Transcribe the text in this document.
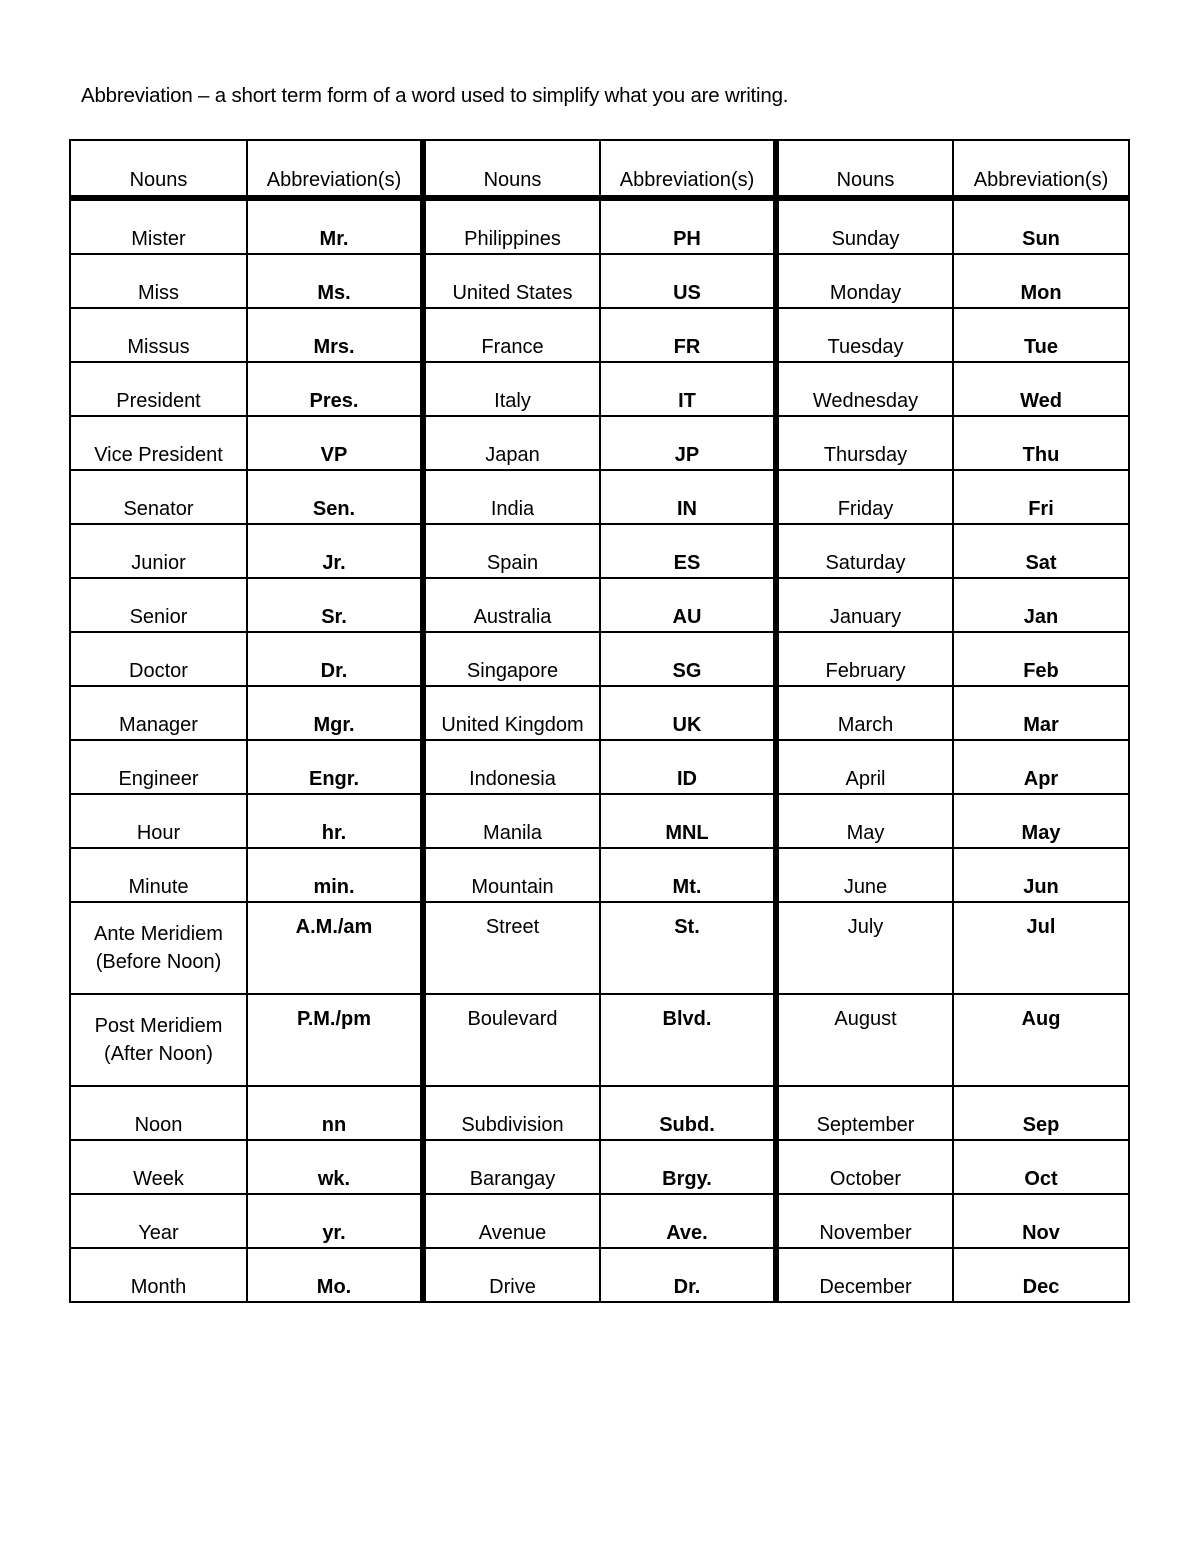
Abbreviation – a short term form of a word used to simplify what you are writing.
Nouns	Abbreviation(s)	Nouns	Abbreviation(s)	Nouns	Abbreviation(s)
Mister	Mr.	Philippines	PH	Sunday	Sun
Miss	Ms.	United States	US	Monday	Mon
Missus	Mrs.	France	FR	Tuesday	Tue
President	Pres.	Italy	IT	Wednesday	Wed
Vice President	VP	Japan	JP	Thursday	Thu
Senator	Sen.	India	IN	Friday	Fri
Junior	Jr.	Spain	ES	Saturday	Sat
Senior	Sr.	Australia	AU	January	Jan
Doctor	Dr.	Singapore	SG	February	Feb
Manager	Mgr.	United Kingdom	UK	March	Mar
Engineer	Engr.	Indonesia	ID	April	Apr
Hour	hr.	Manila	MNL	May	May
Minute	min.	Mountain	Mt.	June	Jun

Ante Meridiem
(Before Noon)	A.M./am	Street	St.	July	Jul

Post Meridiem
(After Noon)	P.M./pm	Boulevard	Blvd.	August	Aug
Noon	nn	Subdivision	Subd.	September	Sep
Week	wk.	Barangay	Brgy.	October	Oct
Year	yr.	Avenue	Ave.	November	Nov
Month	Mo.	Drive	Dr.	December	Dec
